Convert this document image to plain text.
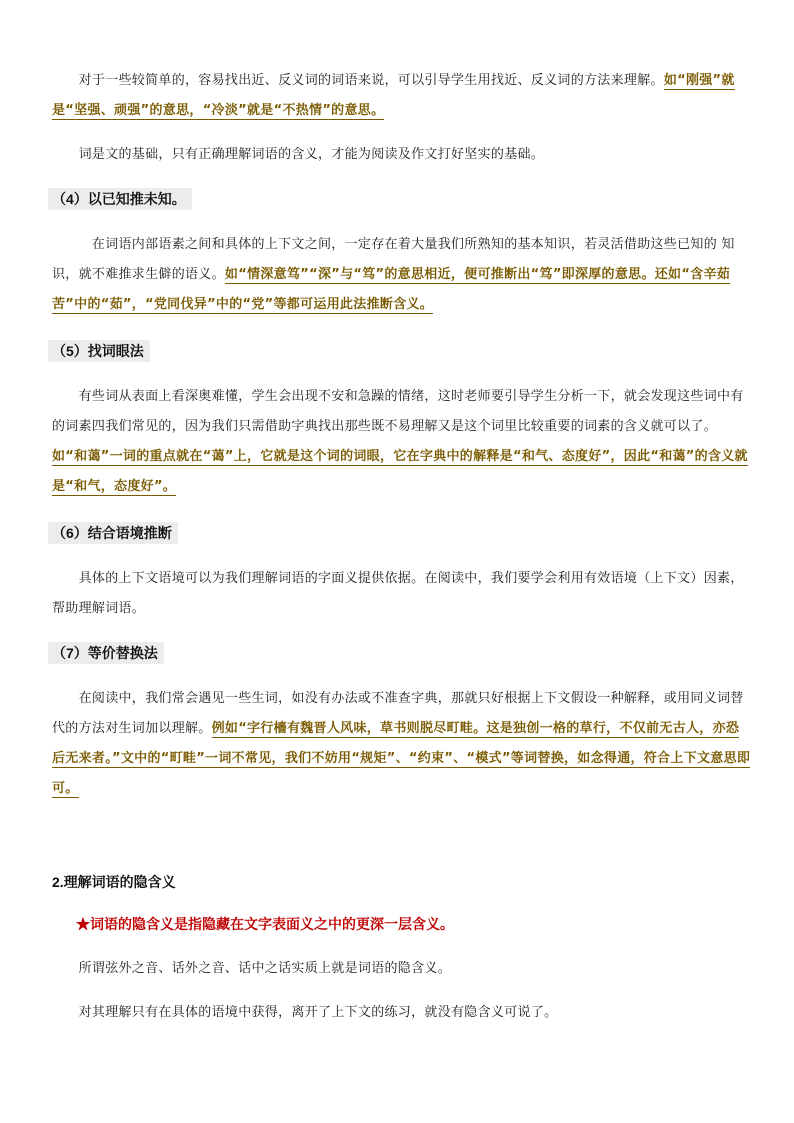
　　对于一些较简单的，容易找出近、反义词的词语来说，可以引导学生用找近、反义词的方法来理解。如“刚强”就是“坚强、顽强”的意思，“冷淡”就是“不热情”的意思。

　　词是文的基础，只有正确理解词语的含义，才能为阅读及作文打好坚实的基础。

（4）以已知推未知。

　　　在词语内部语素之间和具体的上下文之间，一定存在着大量我们所熟知的基本知识，若灵活借助这些已知的 知识，就不难推求生僻的语义。如“情深意笃”“深”与“笃”的意思相近，便可推断出“笃”即深厚的意思。还如“含辛茹苦”中的“茹”，“党同伐异”中的“党”等都可运用此法推断含义。

（5）找词眼法

　　有些词从表面上看深奥难懂，学生会出现不安和急躁的情绪，这时老师要引导学生分析一下，就会发现这些词中有的词素四我们常见的，因为我们只需借助字典找出那些既不易理解又是这个词里比较重要的词素的含义就可以了。如“和蔼”一词的重点就在“蔼”上，它就是这个词的词眼，它在字典中的解释是“和气、态度好”，因此“和蔼”的含义就是“和气，态度好”。

（6）结合语境推断

　　具体的上下文语境可以为我们理解词语的字面义提供依据。在阅读中，我们要学会利用有效语境（上下文）因素，帮助理解词语。

（7）等价替换法

　　在阅读中，我们常会遇见一些生词，如没有办法或不准查字典，那就只好根据上下文假设一种解释，或用同义词替代的方法对生词加以理解。例如“字行檣有魏晋人风味，草书则脱尽町畦。这是独创一格的草行，不仅前无古人，亦恐后无来者。”文中的“町畦”一词不常见，我们不妨用“规矩”、“约束”、“模式”等词替换，如念得通，符合上下文意思即可。

2.理解词语的隐含义
★词语的隐含义是指隐藏在文字表面义之中的更深一层含义。

　　所谓弦外之音、话外之音、话中之话实质上就是词语的隐含义。

　　对其理解只有在具体的语境中获得，离开了上下文的练习，就没有隐含义可说了。
